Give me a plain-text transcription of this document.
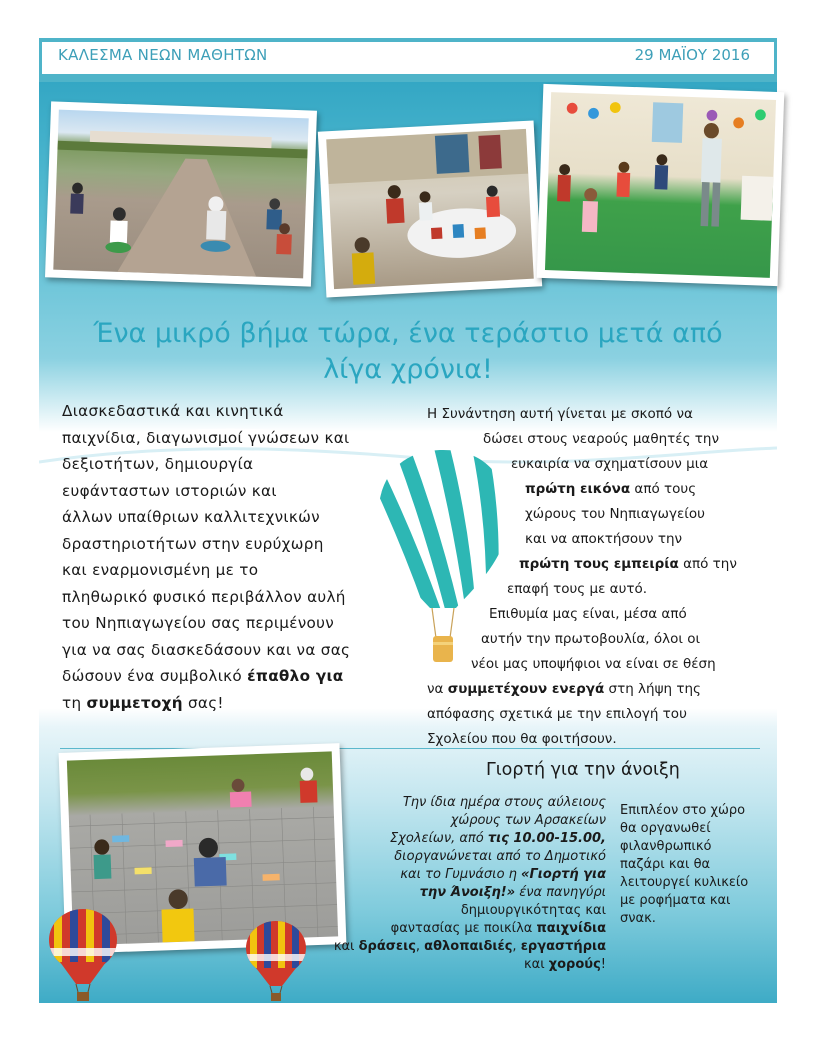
ΚΑΛΕΣΜΑ ΝΕΩΝ ΜΑΘΗΤΩΝ	29 ΜΑΪΟΥ 2016
Ένα μικρό βήμα τώρα, ένα τεράστιο μετά από
λίγα χρόνια!
Διασκεδαστικά και κινητικά
παιχνίδια, διαγωνισμοί γνώσεων και
δεξιοτήτων, δημιουργία
ευφάνταστων ιστοριών και
άλλων υπαίθριων καλλιτεχνικών
δραστηριοτήτων στην ευρύχωρη
και εναρμονισμένη με το
πληθωρικό φυσικό περιβάλλον αυλή
του Νηπιαγωγείου σας περιμένουν
για να σας διασκεδάσουν και να σας
δώσουν ένα συμβολικό έπαθλο για
τη συμμετοχή σας!
Η Συνάντηση αυτή γίνεται με σκοπό να
δώσει στους νεαρούς μαθητές την
ευκαιρία να σχηματίσουν μια
πρώτη εικόνα από τους
χώρους του Νηπιαγωγείου
και να αποκτήσουν την
πρώτη τους εμπειρία από την
επαφή τους με αυτό.
Επιθυμία μας είναι, μέσα από
αυτήν την πρωτοβουλία, όλοι οι
νέοι μας υποψήφιοι να είναι σε θέση
να συμμετέχουν ενεργά στη λήψη της
απόφασης σχετικά με την επιλογή του
Σχολείου που θα φοιτήσουν.
Γιορτή για την άνοιξη
Την ίδια ημέρα στους αύλειους
χώρους των Αρσακείων
Σχολείων, από τις 10.00-15.00,
διοργανώνεται από το Δημοτικό
και το Γυμνάσιο η «Γιορτή για
την Άνοιξη!» ένα πανηγύρι
δημιουργικότητας και
φαντασίας με ποικίλα παιχνίδια
και δράσεις, αθλοπαιδιές, εργαστήρια
και χορούς!
Επιπλέον στο χώρο
θα οργανωθεί
φιλανθρωπικό
παζάρι και θα
λειτουργεί κυλικείο
με ροφήματα και
σνακ.
